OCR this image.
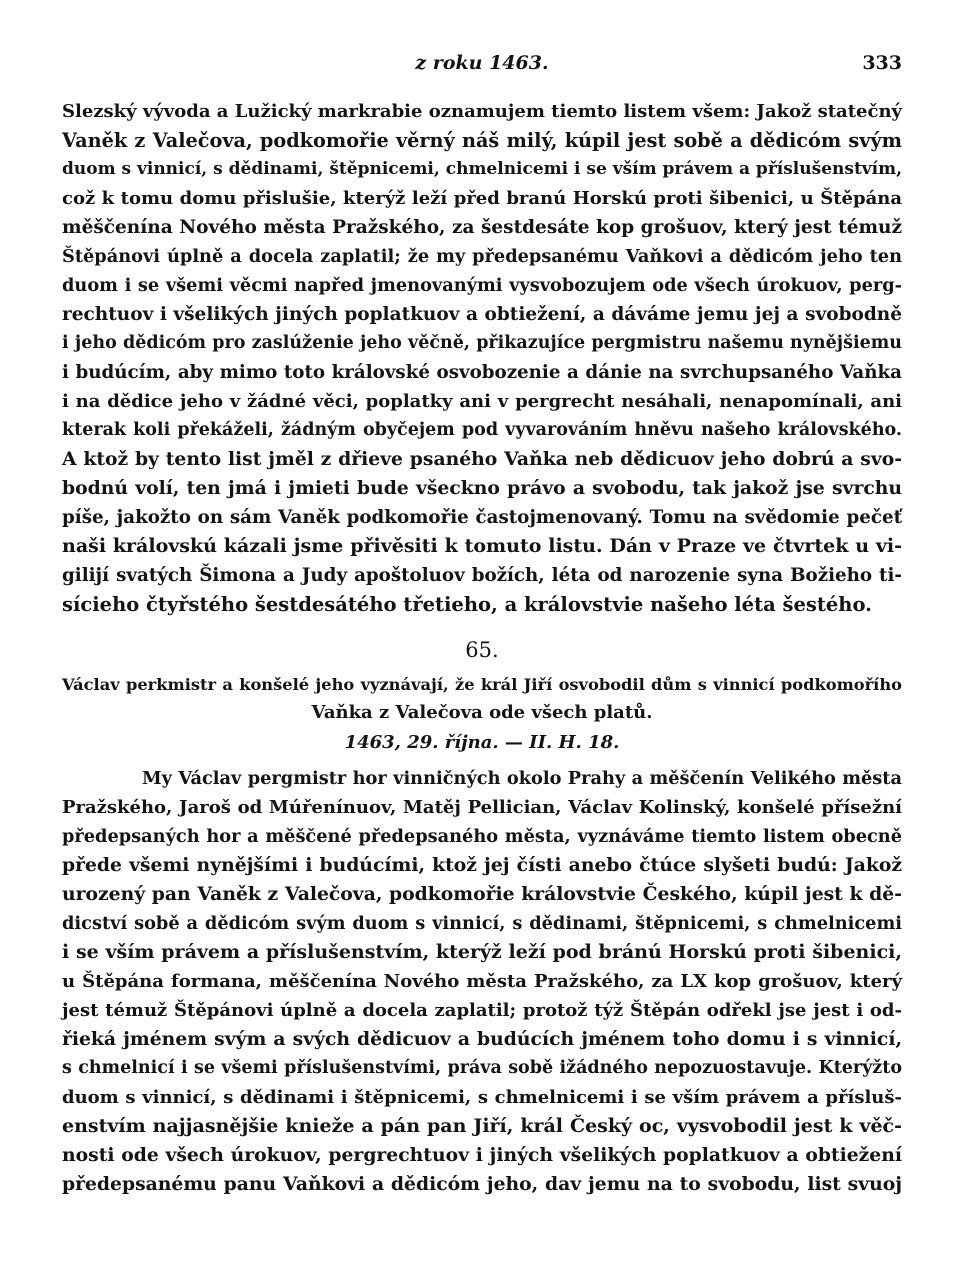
z roku 1463.	333
Slezský vývoda a Lužický markrabie oznamujem tiemto listem všem: Jakož statečný
Vaněk z Valečova, podkomořie věrný náš milý, kúpil jest sobě a dědicóm svým
duom s vinnicí, s dědinami, štěpnicemi, chmelnicemi i se vším právem a příslušenstvím,
což k tomu domu přislušie, kterýž leží před branú Horskú proti šibenici, u Štěpána
měščenína Nového města Pražského, za šestdesáte kop grošuov, který jest témuž
Štěpánovi úplně a docela zaplatil; že my předepsanému Vaňkovi a dědicóm jeho ten
duom i se všemi věcmi napřed jmenovanými vysvobozujem ode všech úrokuov, perg-
rechtuov i všelikých jiných poplatkuov a obtiežení, a dáváme jemu jej a svobodně
i jeho dědicóm pro zaslúženie jeho věčně, přikazujíce pergmistru našemu nynějšiemu
i budúcím, aby mimo toto královské osvobozenie a dánie na svrchupsaného Vaňka
i na dědice jeho v žádné věci, poplatky ani v pergrecht nesáhali, nenapomínali, ani
kterak koli překáželi, žádným obyčejem pod vyvarováním hněvu našeho královského.
A ktož by tento list jměl z dřieve psaného Vaňka neb dědicuov jeho dobrú a svo-
bodnú volí, ten jmá i jmieti bude všeckno právo a svobodu, tak jakož jse svrchu
píše, jakožto on sám Vaněk podkomořie častojmenovaný. Tomu na svědomie pečeť
naši královskú kázali jsme přivěsiti k tomuto listu. Dán v Praze ve čtvrtek u vi-
gilijí svatých Šimona a Judy apoštoluov božích, léta od narozenie syna Božieho ti-
sícieho čtyřstého šestdesátého třetieho, a královstvie našeho léta šestého.
65.
Václav perkmistr a konšelé jeho vyznávají, že král Jiří osvobodil dům s vinnicí podkomořího
Vaňka z Valečova ode všech platů.
1463, 29. října. — II. H. 18.
My Václav pergmistr hor vinničných okolo Prahy a měščenín Velikého města
Pražského, Jaroš od Múřenínuov, Matěj Pellician, Václav Kolinský, konšelé přísežní
předepsaných hor a měščené předepsaného města, vyznáváme tiemto listem obecně
přede všemi nynějšími i budúcími, ktož jej čísti anebo čtúce slyšeti budú: Jakož
urozený pan Vaněk z Valečova, podkomořie královstvie Českého, kúpil jest k dě-
dicství sobě a dědicóm svým duom s vinnicí, s dědinami, štěpnicemi, s chmelnicemi
i se vším právem a příslušenstvím, kterýž leží pod bránú Horskú proti šibenici,
u Štěpána formana, měščenína Nového města Pražského, za LX kop grošuov, který
jest témuž Štěpánovi úplně a docela zaplatil; protož týž Štěpán odřekl jse jest i od-
řieká jménem svým a svých dědicuov a budúcích jménem toho domu i s vinnicí,
s chmelnicí i se všemi příslušenstvími, práva sobě ižádného nepozuostavuje. Kterýžto
duom s vinnicí, s dědinami i štěpnicemi, s chmelnicemi i se vším právem a přísluš-
enstvím najjasnějšie knieže a pán pan Jiří, král Český oc, vysvobodil jest k věč-
nosti ode všech úrokuov, pergrechtuov i jiných všelikých poplatkuov a obtiežení
předepsanému panu Vaňkovi a dědicóm jeho, dav jemu na to svobodu, list svuoj
